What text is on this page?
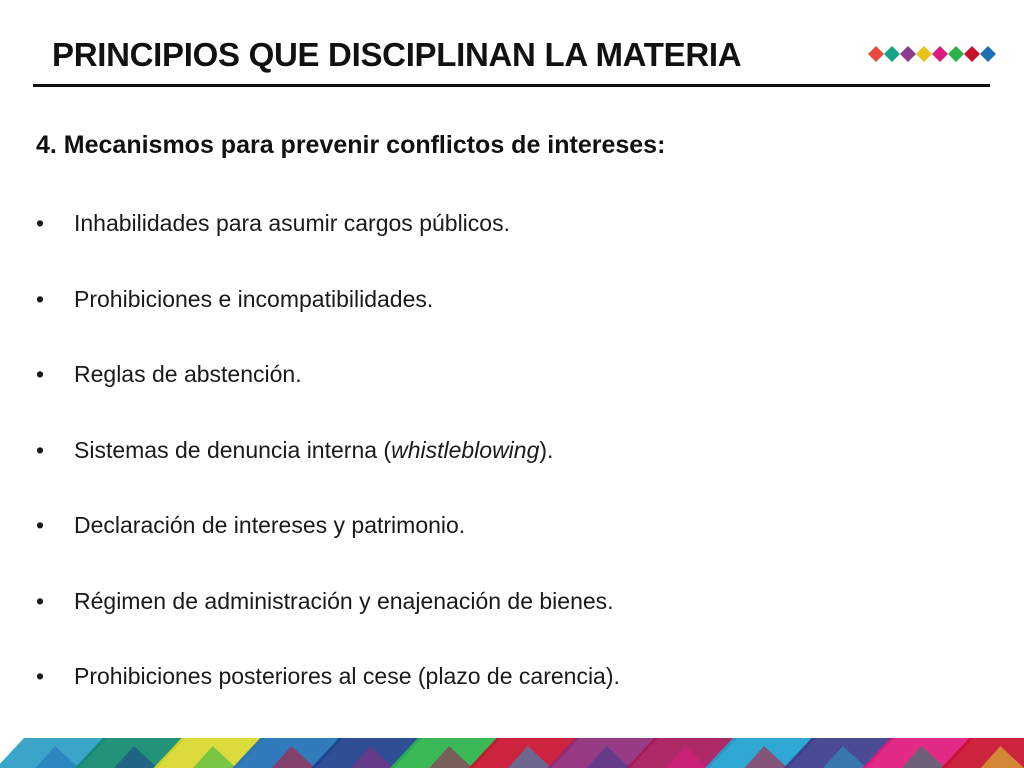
PRINCIPIOS QUE DISCIPLINAN LA MATERIA
4. Mecanismos para prevenir conflictos de intereses:
•	Inhabilidades para asumir cargos públicos.
•	Prohibiciones e incompatibilidades.
•	Reglas de abstención.
•	Sistemas de denuncia interna (whistleblowing).
•	Declaración de intereses y patrimonio.
•	Régimen de administración y enajenación de bienes.
•	Prohibiciones posteriores al cese (plazo de carencia).
